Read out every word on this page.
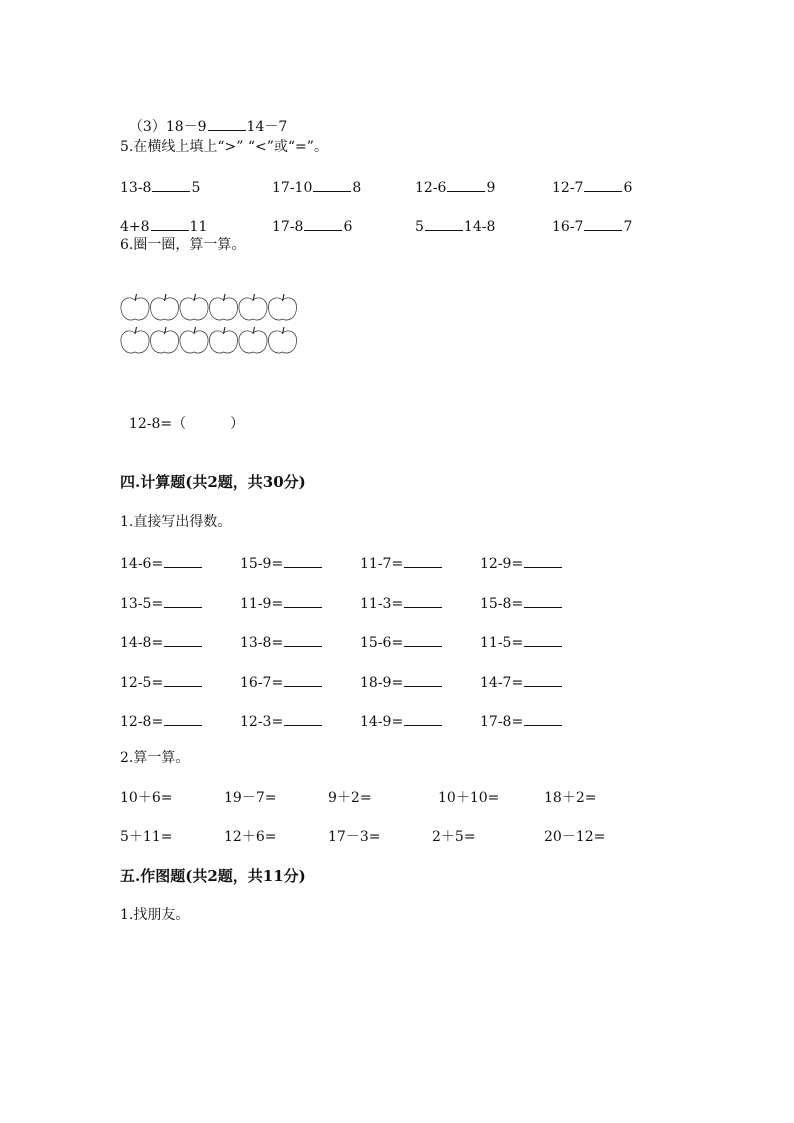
（3）18－9	14－7

5.在横线上填上“>” “<”或“=”。
6.圈一圈，算一算。

12-8=（	）

四.计算题(共2题，共30分)
1.直接写出得数。
2.算一算。
五.作图题(共2题，共11分)
1.找朋友。
13-8	5	17-10	8	12-6	9	12-7	6
4+8	11	17-8	6	5	14-8	16-7	7
14-6=	15-9=	11-7=	12-9=
13-5=	11-9=	11-3=	15-8=
14-8=	13-8=	15-6=	11-5=
12-5=	16-7=	18-9=	14-7=
12-8=	12-3=	14-9=	17-8=
10＋6=	19－7=	9＋2=	10＋10=	18＋2=
5＋11=	12＋6=	17－3=	2＋5=	20－12=
